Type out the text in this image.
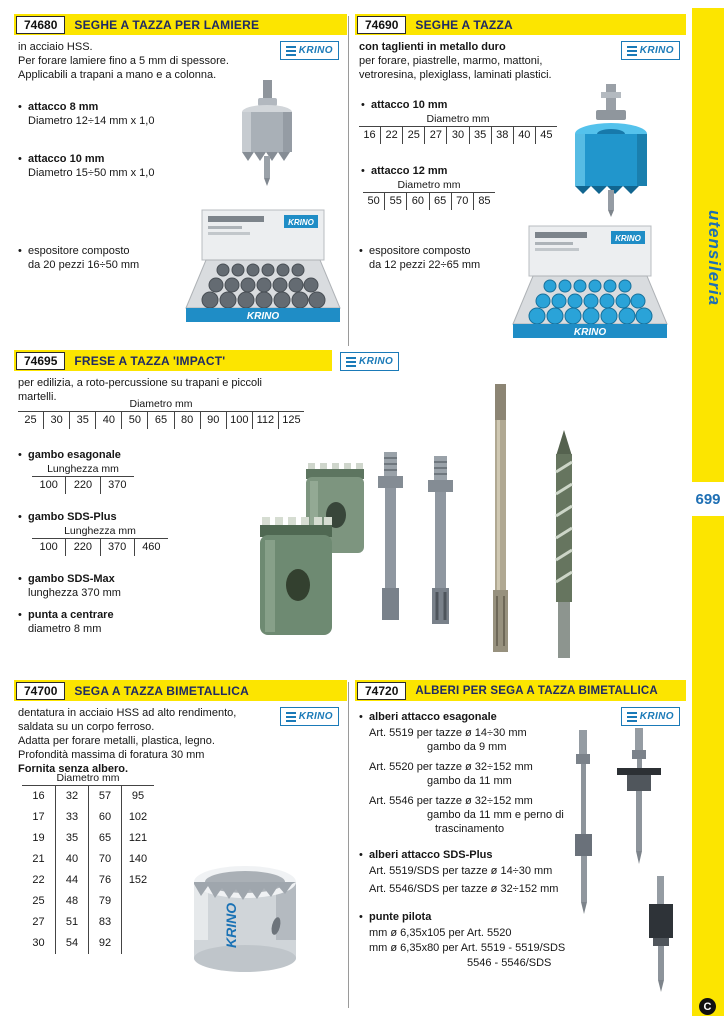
74680	SEGHE A TAZZA PER LAMIERE
KRINO
in acciaio HSS.
Per forare lamiere fino a 5 mm di spessore.
Applicabili a trapani a mano e a colonna.
• attacco 8 mm
Diametro 12÷14 mm x 1,0
• attacco 10 mm
Diametro 15÷50 mm x 1,0
• espositore composto
da 20 pezzi 16÷50 mm
KRINO
KRINO
74690	SEGHE A TAZZA
KRINO
con taglienti in metallo duro
per forare, piastrelle, marmo, mattoni,
vetroresina, plexiglass, laminati plastici.
• attacco 10 mm
Diametro mm
16 22 25 27 30 35 38 40 45
• attacco 12 mm
Diametro mm
50 55 60 65 70 85
• espositore composto
da 12 pezzi 22÷65 mm
KRINO
KRINO
74695	FRESE A TAZZA 'IMPACT'	KRINO
per edilizia, a roto-percussione su trapani e piccoli
martelli.
Diametro mm
25	30	35	40	50	65	80	90 100 112 125
• gambo esagonale
Lunghezza mm
100	220	370
• gambo SDS-Plus
Lunghezza mm
100	220	370	460
• gambo SDS-Max
lunghezza 370 mm
• punta a centrare
diametro 8 mm
74700	SEGA A TAZZA BIMETALLICA
KRINO
dentatura in acciaio HSS ad alto rendimento,
saldata su un corpo ferroso.
Adatta per forare metalli, plastica, legno.
Profondità massima di foratura 30 mm
Fornita senza albero.
Diametro mm
16	32	57	95
17	33	60	102
19	35	65	121
21	40	70	140
22	44	76	152
25	48	79
27	51	83
30	54	92	KRINO
74720	ALBERI PER SEGA A TAZZA BIMETALLICA
KRINO
• alberi attacco esagonale
Art. 5519 per tazze ø 14÷30 mm
gambo da 9 mm
Art. 5520 per tazze ø 32÷152 mm
gambo da 11 mm
Art. 5546 per tazze ø 32÷152 mm
gambo da 11 mm e perno di
trascinamento
• alberi attacco SDS-Plus
Art. 5519/SDS per tazze ø 14÷30 mm
Art. 5546/SDS per tazze ø 32÷152 mm
• punte pilota
mm ø 6,35x105 per Art. 5520
mm ø 6,35x80 per Art. 5519 - 5519/SDS
5546 - 5546/SDS
utensileria
699
C
